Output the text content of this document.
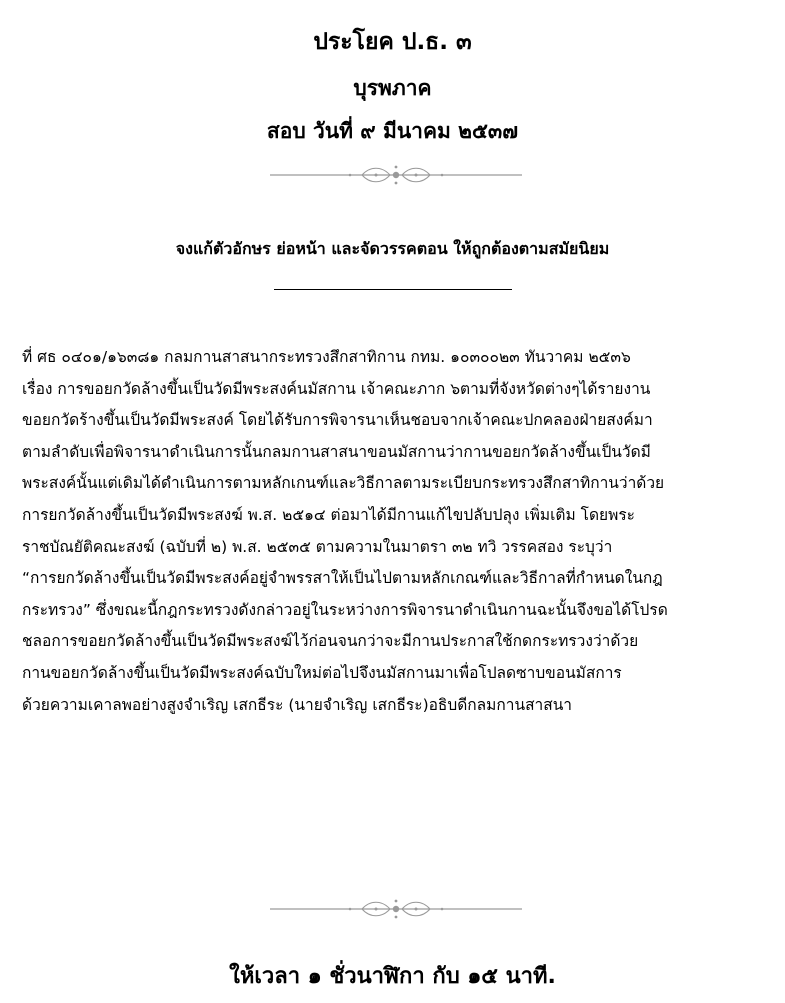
ประโยค ป.ธ. ๓
บุรพภาค
สอบ วันที่ ๙ มีนาคม ๒๕๓๗
จงแก้ตัวอักษร ย่อหน้า และจัดวรรคตอน ให้ถูกต้องตามสมัยนิยม
ที่ ศธ ๐๔๐๑/๑๖๓๘๑ กลมกานสาสนากระทรวงสึกสาทิกาน กทม. ๑๐๓๐๐๒๓ ทันวาคม ๒๕๓๖
เรื่อง การขอยกวัดล้างขึ้นเป็นวัดมีพระสงค์นมัสกาน เจ้าคณะภาก ๖ตามที่จังหวัดต่างๆได้รายงาน
ขอยกวัดร้างขึ้นเป็นวัดมีพระสงค์ โดยได้รับการพิจารนาเห็นชอบจากเจ้าคณะปกคลองฝ่ายสงค์มา
ตามลำดับเพื่อพิจารนาดำเนินการนั้นกลมกานสาสนาขอนมัสกานว่ากานขอยกวัดล้างขึ้นเป็นวัดมี
พระสงค์นั้นแต่เดิมได้ดำเนินการตามหลักเกนฑ์และวิธีกาลตามระเบียบกระทรวงสึกสาทิกานว่าด้วย
การยกวัดล้างขึ้นเป็นวัดมีพระสงฆ์ พ.ส. ๒๕๑๔ ต่อมาได้มีกานแก้ไขปลับปลุง เพิ่มเติม โดยพระ
ราชบัณยัติคณะสงฆ์ (ฉบับที่ ๒) พ.ส. ๒๕๓๕ ตามความในมาตรา ๓๒ ทวิ วรรคสอง ระบุว่า
“การยกวัดล้างขึ้นเป็นวัดมีพระสงค์อยู่จำพรรสาให้เป็นไปตามหลักเกณฑ์และวิธีกาลที่กำหนดในกฎ
กระทรวง” ซึ่งขณะนี้กฎกระทรวงดังกล่าวอยู่ในระหว่างการพิจารนาดำเนินกานฉะนั้นจึงขอได้โปรด
ชลอการขอยกวัดล้างขึ้นเป็นวัดมีพระสงฆ์ไว้ก่อนจนกว่าจะมีกานประกาสใช้กดกระทรวงว่าด้วย
กานขอยกวัดล้างขึ้นเป็นวัดมีพระสงค์ฉบับใหม่ต่อไปจึงนมัสกานมาเพื่อโปลดซาบขอนมัสการ
ด้วยความเคาลพอย่างสูงจำเริญ เสกธีระ (นายจำเริญ เสกธีระ)อธิบดีกลมกานสาสนา
ให้เวลา ๑ ชั่วนาฬิกา กับ ๑๕ นาที.
